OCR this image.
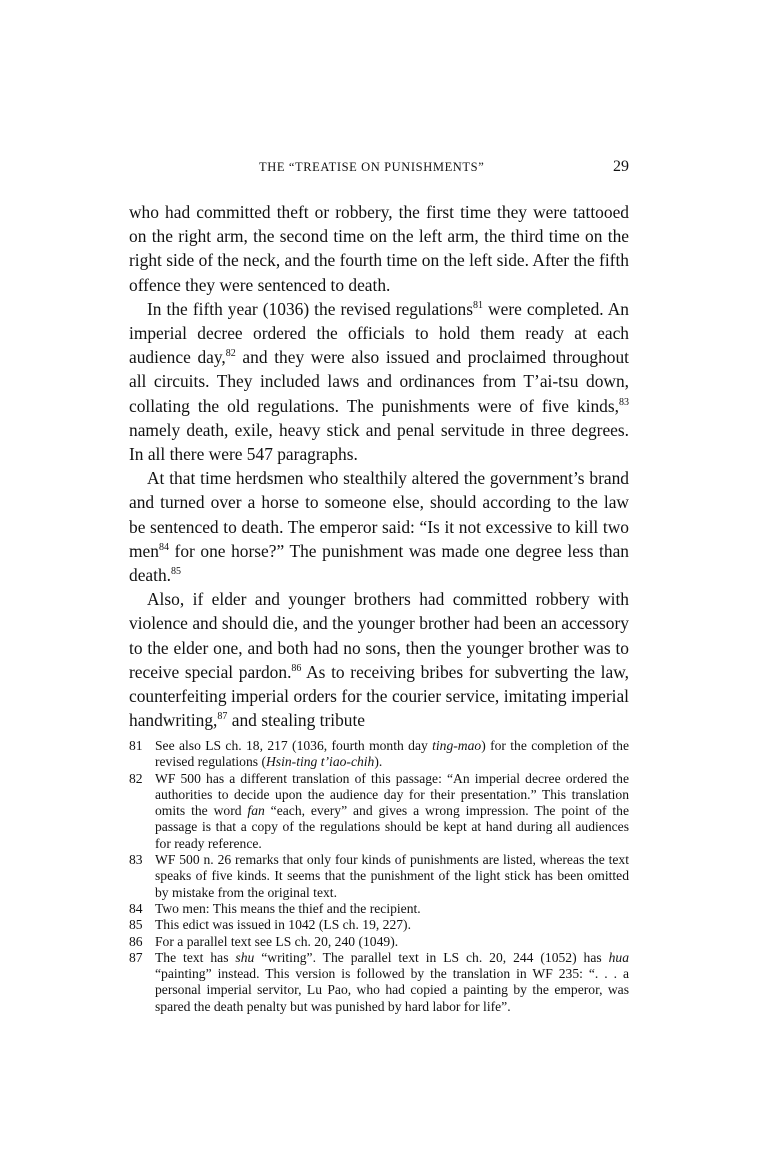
THE “TREATISE ON PUNISHMENTS”	29

who had committed theft or robbery, the first time they were tattooed on the right arm, the second time on the left arm, the third time on the right side of the neck, and the fourth time on the left side. After the fifth offence they were sentenced to death.

In the fifth year (1036) the revised regulations$^{81}$ were completed. An imperial decree ordered the officials to hold them ready at each audience day,$^{82}$ and they were also issued and proclaimed throughout all circuits. They included laws and ordinances from T’ai-tsu down, collating the old regulations. The punishments were of five kinds,$^{83}$ namely death, exile, heavy stick and penal servitude in three degrees. In all there were 547 paragraphs.

At that time herdsmen who stealthily altered the government’s brand and turned over a horse to someone else, should according to the law be sentenced to death. The emperor said: “Is it not excessive to kill two men$^{84}$ for one horse?” The punishment was made one degree less than death.$^{85}$

Also, if elder and younger brothers had committed robbery with violence and should die, and the younger brother had been an accessory to the elder one, and both had no sons, then the younger brother was to receive special pardon.$^{86}$ As to receiving bribes for subverting the law, counterfeiting imperial orders for the courier service, imitating imperial handwriting,$^{87}$ and stealing tribute

81 See also LS ch. 18, 217 (1036, fourth month day ting-mao) for the completion of the revised regulations (Hsin-ting t’iao-chih).
82 WF 500 has a different translation of this passage: “An imperial decree ordered the authorities to decide upon the audience day for their presentation.” This translation omits the word fan “each, every” and gives a wrong impression. The point of the passage is that a copy of the regulations should be kept at hand during all audiences for ready reference.
83 WF 500 n. 26 remarks that only four kinds of punishments are listed, whereas the text speaks of five kinds. It seems that the punishment of the light stick has been omitted by mistake from the original text.
84 Two men: This means the thief and the recipient.
85 This edict was issued in 1042 (LS ch. 19, 227).
86 For a parallel text see LS ch. 20, 240 (1049).
87 The text has shu “writing”. The parallel text in LS ch. 20, 244 (1052) has hua “painting” instead. This version is followed by the translation in WF 235: “. . . a personal imperial servitor, Lu Pao, who had copied a painting by the emperor, was spared the death penalty but was punished by hard labor for life”.
